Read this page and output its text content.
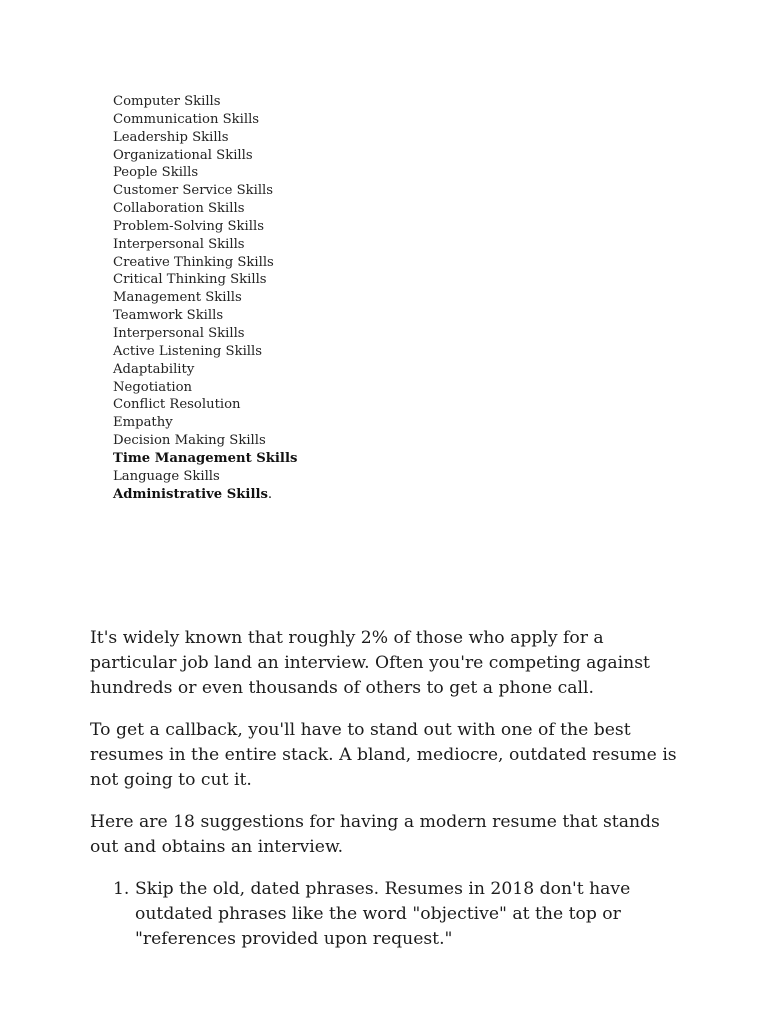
Computer Skills
Communication Skills
Leadership Skills
Organizational Skills
People Skills
Customer Service Skills
Collaboration Skills
Problem-Solving Skills
Interpersonal Skills
Creative Thinking Skills
Critical Thinking Skills
Management Skills
Teamwork Skills
Interpersonal Skills
Active Listening Skills
Adaptability
Negotiation
Conflict Resolution
Empathy
Decision Making Skills
Time Management Skills
Language Skills
Administrative Skills.

It's widely known that roughly 2% of those who apply for a particular job land an interview. Often you're competing against hundreds or even thousands of others to get a phone call.

To get a callback, you'll have to stand out with one of the best resumes in the entire stack. A bland, mediocre, outdated resume is not going to cut it.

Here are 18 suggestions for having a modern resume that stands out and obtains an interview.

1. Skip the old, dated phrases. Resumes in 2018 don't have outdated phrases like the word "objective" at the top or "references provided upon request."
